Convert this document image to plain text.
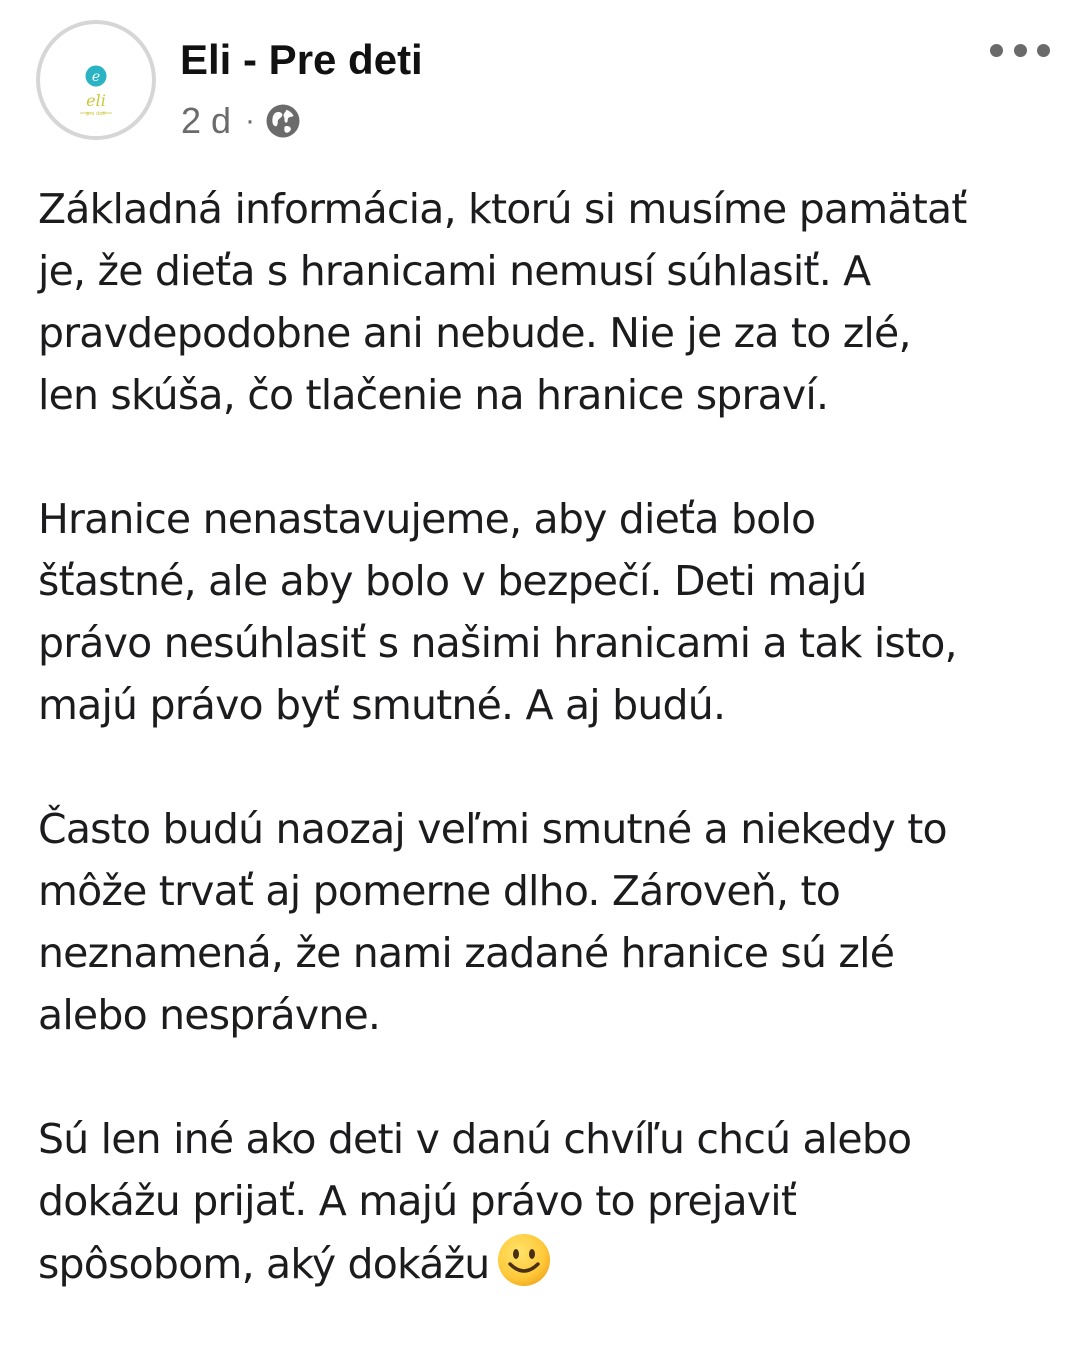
e
eli
pre deti
Eli - Pre deti
2 d ·
Základná informácia, ktorú si musíme pamätať
je, že dieťa s hranicami nemusí súhlasiť. A
pravdepodobne ani nebude. Nie je za to zlé,
len skúša, čo tlačenie na hranice spraví.
Hranice nenastavujeme, aby dieťa bolo
šťastné, ale aby bolo v bezpečí. Deti majú
právo nesúhlasiť s našimi hranicami a tak isto,
majú právo byť smutné. A aj budú.
Často budú naozaj veľmi smutné a niekedy to
môže trvať aj pomerne dlho. Zároveň, to
neznamená, že nami zadané hranice sú zlé
alebo nesprávne.
Sú len iné ako deti v danú chvíľu chcú alebo
dokážu prijať. A majú právo to prejaviť
spôsobom, aký dokážu
